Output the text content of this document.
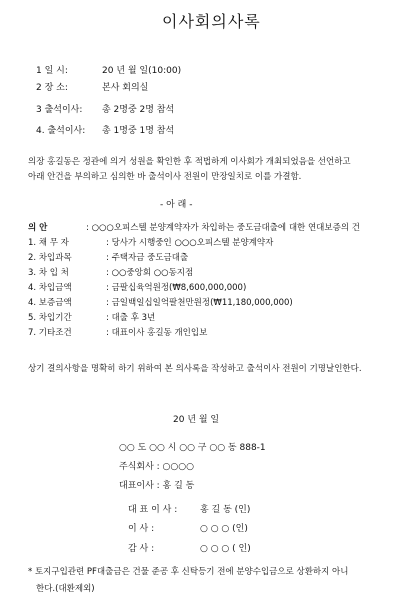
이사회의사록
1 일 시:	20 년 월 일(10:00)
2 장 소:	본사 회의실
3 출석이사: 총 2명중 2명 참석
4. 출석이사: 총 1명중 1명 참석
의장 홍길동은 정관에 의거 성원을 확인한 후 적법하게 이사회가 개최되었음을 선언하고
아래 안건을 부의하고 심의한 바 출석이사 전원이 만장일치로 이를 가결함.
- 아 래 -
의 안	: ○○○오피스텔 분양계약자가 차입하는 중도금대출에 대한 연대보증의 건
1. 채 무 자	: 당사가 시행중인 ○○○오피스텔 분양계약자
2. 차입과목	: 주택자금 중도금대출
3. 차 입 처	: ○○중앙회 ○○동지점
4. 차입금액	: 금팔십육억원정(₩8,600,000,000)
4. 보증금액	: 금일백일십일억팔천만원정(₩11,180,000,000)
5. 차입기간	: 대출 후 3년
7. 기타조건	: 대표이사 홍길동 개인입보
상기 결의사항을 명확히 하기 위하여 본 의사록을 작성하고 출석이사 전원이 기명날인한다.
20 년 월 일
○○ 도 ○○ 시 ○○ 구 ○○ 동 888-1
주식회사 : ○○○○
대표이사 : 홍 길 동
대 표 이 사 :	홍 길 동 (인)
이 사 :	○ ○ ○ (인)
감 사 :	○ ○ ○ ( 인)
* 토지구입관련 PF대출금은 건물 준공 후 신탁등기 전에 분양수입금으로 상환하지 아니
한다.(대환제외)
